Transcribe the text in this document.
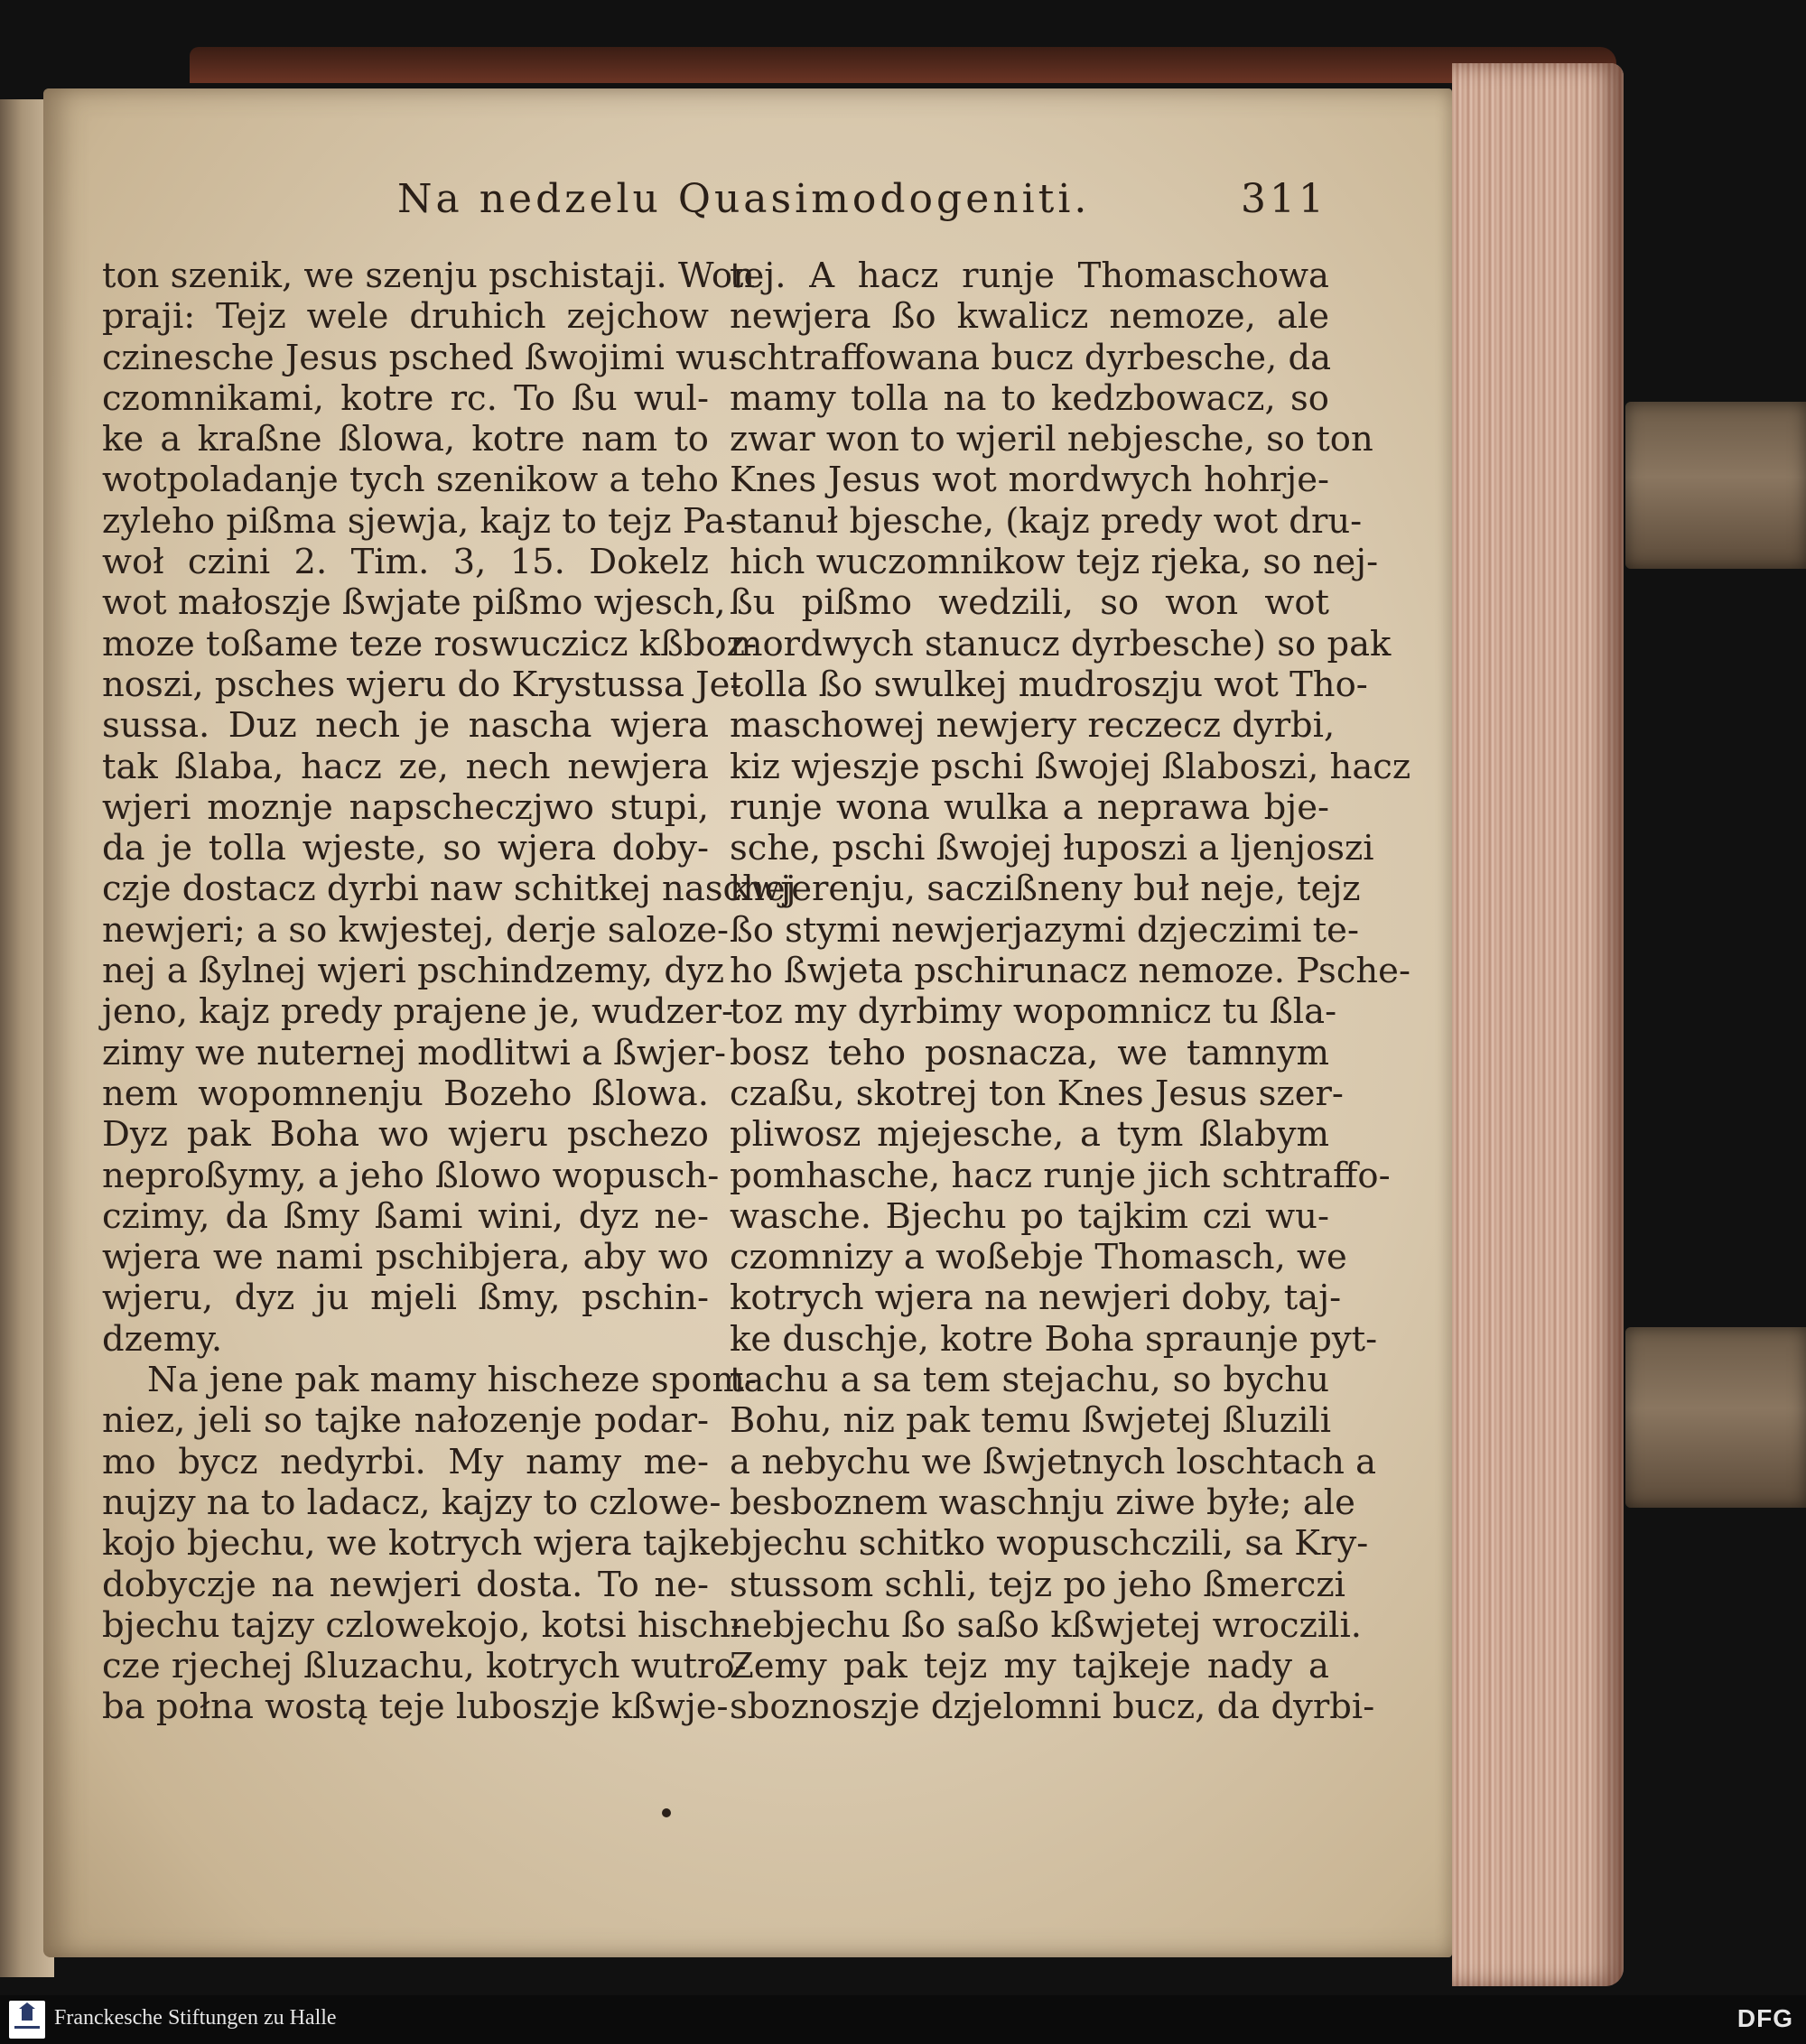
Na nedzelu Quasimodogeniti.	311
ton szenik, we szenju pschistaji. Won
praji: Tejz wele druhich zejchow
czinesche Jesus psched ßwojimi wu-
czomnikami, kotre rc. To ßu wul-
ke a kraßne ßlowa, kotre nam to
wotpoladanje tych szenikow a teho
zyleho pißma sjewja, kajz to tejz Pa-
woł czini 2. Tim. 3, 15. Dokelz
wot małoszje ßwjate pißmo wjesch,
moze toßame teze roswuczicz kßboz-
noszi, psches wjeru do Krystussa Je-
sussa. Duz nech je nascha wjera
tak ßlaba, hacz ze, nech newjera
wjeri moznje napscheczjwo stupi,
da je tolla wjeste, so wjera doby-
czje dostacz dyrbi naw schitkej naschej
newjeri; a so kwjestej, derje saloze-
nej a ßylnej wjeri pschindzemy, dyz
jeno, kajz predy prajene je, wudzer-
zimy we nuternej modlitwi a ßwjer-
nem wopomnenju Bozeho ßlowa.
Dyz pak Boha wo wjeru pschezo
neproßymy, a jeho ßlowo wopusch-
czimy, da ßmy ßami wini, dyz ne-
wjera we nami pschibjera, aby wo
wjeru, dyz ju mjeli ßmy, pschin-
dzemy.
Na jene pak mamy hischeze spom-
niez, jeli so tajke nałozenje podar-
mo bycz nedyrbi. My namy me-
nujzy na to ladacz, kajzy to czlowe-
kojo bjechu, we kotrych wjera tajke
dobyczje na newjeri dosta. To ne-
bjechu tajzy czlowekojo, kotsi hisch-
cze rjechej ßluzachu, kotrych wutro-
ba połna wostą teje luboszje kßwje-
tej. A hacz runje Thomaschowa
newjera ßo kwalicz nemoze, ale
schtraffowana bucz dyrbesche, da
mamy tolla na to kedzbowacz, so
zwar won to wjeril nebjesche, so ton
Knes Jesus wot mordwych hohrje-
stanuł bjesche, (kajz predy wot dru-
hich wuczomnikow tejz rjeka, so nej-
ßu pißmo wedzili, so won wot
mordwych stanucz dyrbesche) so pak
tolla ßo swulkej mudroszju wot Tho-
maschowej newjery reczecz dyrbi,
kiz wjeszje pschi ßwojej ßlaboszi, hacz
runje wona wulka a neprawa bje-
sche, pschi ßwojej łuposzi a ljenjoszi
kwjerenju, saczißneny buł neje, tejz
ßo stymi newjerjazymi dzjeczimi te-
ho ßwjeta pschirunacz nemoze. Psche-
toz my dyrbimy wopomnicz tu ßla-
bosz teho posnacza, we tamnym
czaßu, skotrej ton Knes Jesus szer-
pliwosz mjejesche, a tym ßlabym
pomhasche, hacz runje jich schtraffo-
wasche. Bjechu po tajkim czi wu-
czomnizy a woßebje Thomasch, we
kotrych wjera na newjeri doby, taj-
ke duschje, kotre Boha spraunje pyt-
tachu a sa tem stejachu, so bychu
Bohu, niz pak temu ßwjetej ßluzili
a nebychu we ßwjetnych loschtach a
besboznem waschnju ziwe byłe; ale
bjechu schitko wopuschczili, sa Kry-
stussom schli, tejz po jeho ßmerczi
nebjechu ßo saßo kßwjetej wroczili.
Zemy pak tejz my tajkeje nady a
sboznoszje dzjelomni bucz, da dyrbi-
Franckesche Stiftungen zu Halle	DFG
